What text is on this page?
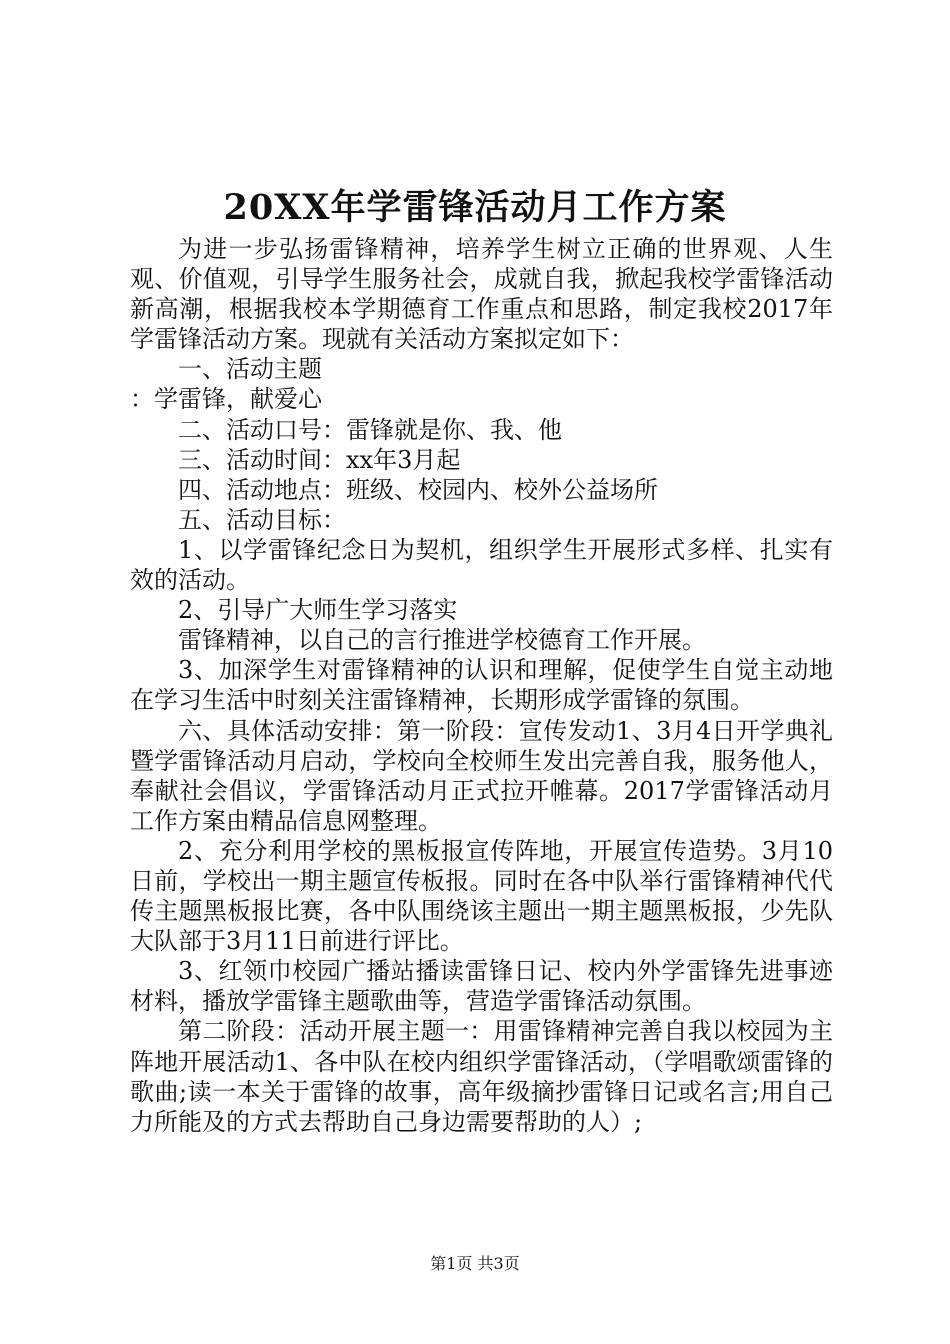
20XX年学雷锋活动月工作方案

为进一步弘扬雷锋精神，培养学生树立正确的世界观、人生观、价值观，引导学生服务社会，成就自我，掀起我校学雷锋活动新高潮，根据我校本学期德育工作重点和思路，制定我校2017年学雷锋活动方案。现就有关活动方案拟定如下：

一、活动主题

：学雷锋，献爱心

二、活动口号：雷锋就是你、我、他

三、活动时间：xx年3月起

四、活动地点：班级、校园内、校外公益场所

五、活动目标：

1、以学雷锋纪念日为契机，组织学生开展形式多样、扎实有效的活动。

2、引导广大师生学习落实

雷锋精神，以自己的言行推进学校德育工作开展。

3、加深学生对雷锋精神的认识和理解，促使学生自觉主动地在学习生活中时刻关注雷锋精神，长期形成学雷锋的氛围。

六、具体活动安排：第一阶段：宣传发动1、3月4日开学典礼暨学雷锋活动月启动，学校向全校师生发出完善自我，服务他人，奉献社会倡议，学雷锋活动月正式拉开帷幕。2017学雷锋活动月工作方案由精品信息网整理。

2、充分利用学校的黑板报宣传阵地，开展宣传造势。3月10日前，学校出一期主题宣传板报。同时在各中队举行雷锋精神代代传主题黑板报比赛，各中队围绕该主题出一期主题黑板报，少先队大队部于3月11日前进行评比。

3、红领巾校园广播站播读雷锋日记、校内外学雷锋先进事迹材料，播放学雷锋主题歌曲等，营造学雷锋活动氛围。

第二阶段：活动开展主题一：用雷锋精神完善自我以校园为主阵地开展活动1、各中队在校内组织学雷锋活动，（学唱歌颂雷锋的歌曲;读一本关于雷锋的故事，高年级摘抄雷锋日记或名言;用自己力所能及的方式去帮助自己身边需要帮助的人）;

第1页 共3页
